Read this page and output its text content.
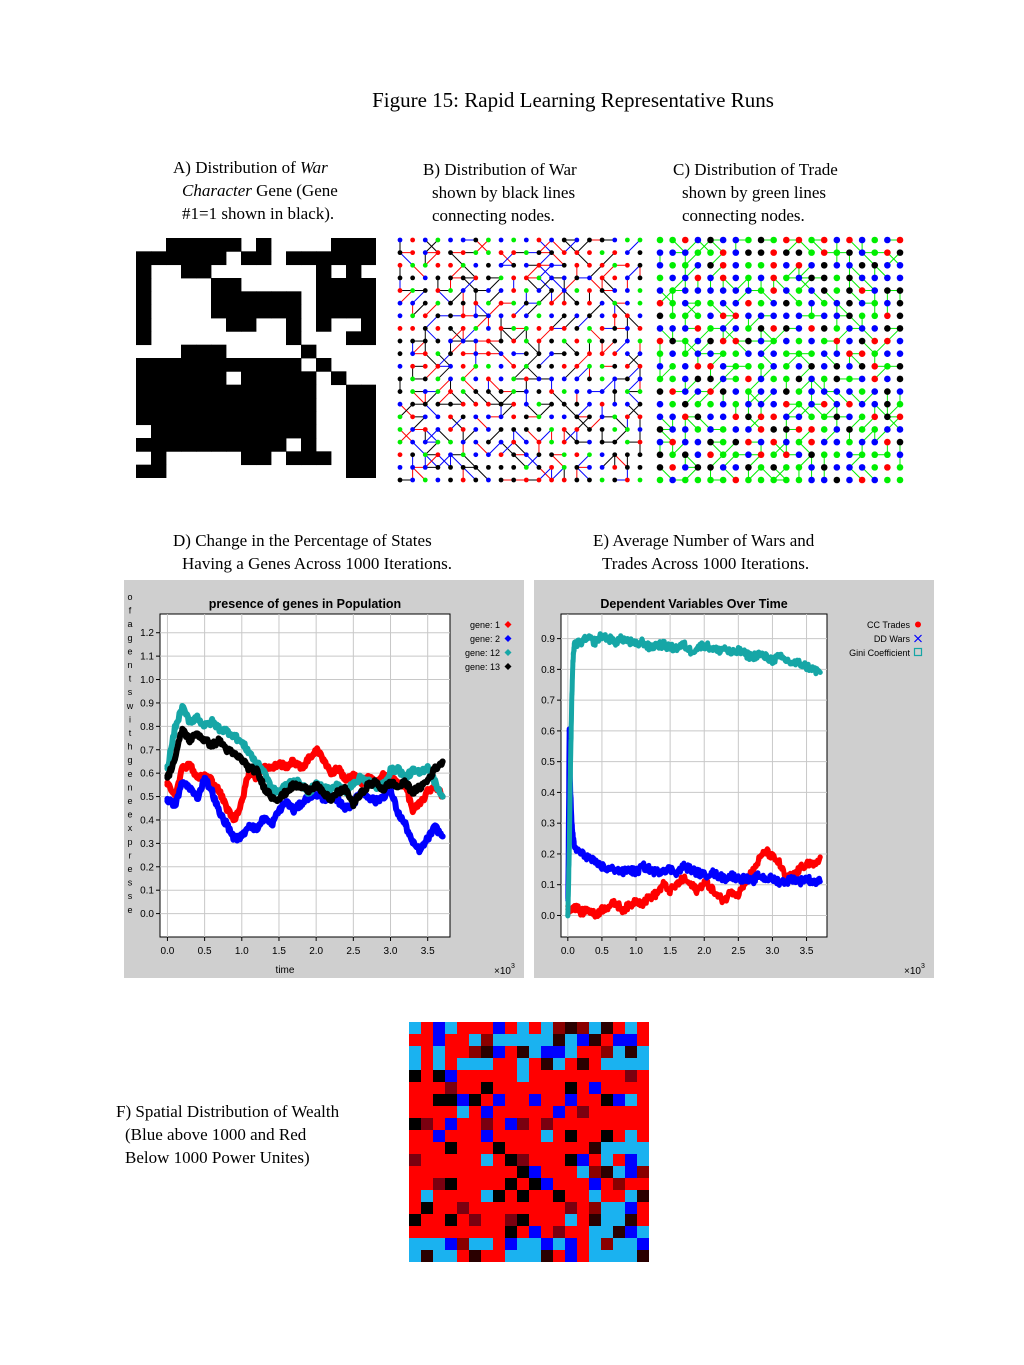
Figure 15: Rapid Learning Representative Runs
A) Distribution of War
Character Gene (Gene
#1=1 shown in black).
B) Distribution of War
shown by black lines
connecting nodes.
C) Distribution of Trade
shown by green lines
connecting nodes.
D) Change in the Percentage of States
Having a Genes Across 1000 Iterations.
E) Average Number of Wars and
Trades Across 1000 Iterations.
0.0 0.5 1.0 1.5 2.0 2.5 3.0 3.5
1.2
1.1
1.0
0.9
0.8
0.7
0.6
0.5
0.4
0.3
0.2
0.1
0.0
presence of genes in Population
×10 3
time
o
f
a
g
e
n
t
s
w
i
t
h
g
e
n
e
e
x
p
r
e
s
s
e
gene: 1
gene: 2
gene: 12
gene: 13
0.0 0.5 1.0 1.5 2.0 2.5 3.0 3.5
0.9
0.8
0.7
0.6
0.5
0.4
0.3
0.2
0.1
0.0
Dependent Variables Over Time
×10 3
CC Trades
DD Wars
Gini Coefficient
F) Spatial Distribution of Wealth
(Blue above 1000 and Red
Below 1000 Power Unites)
